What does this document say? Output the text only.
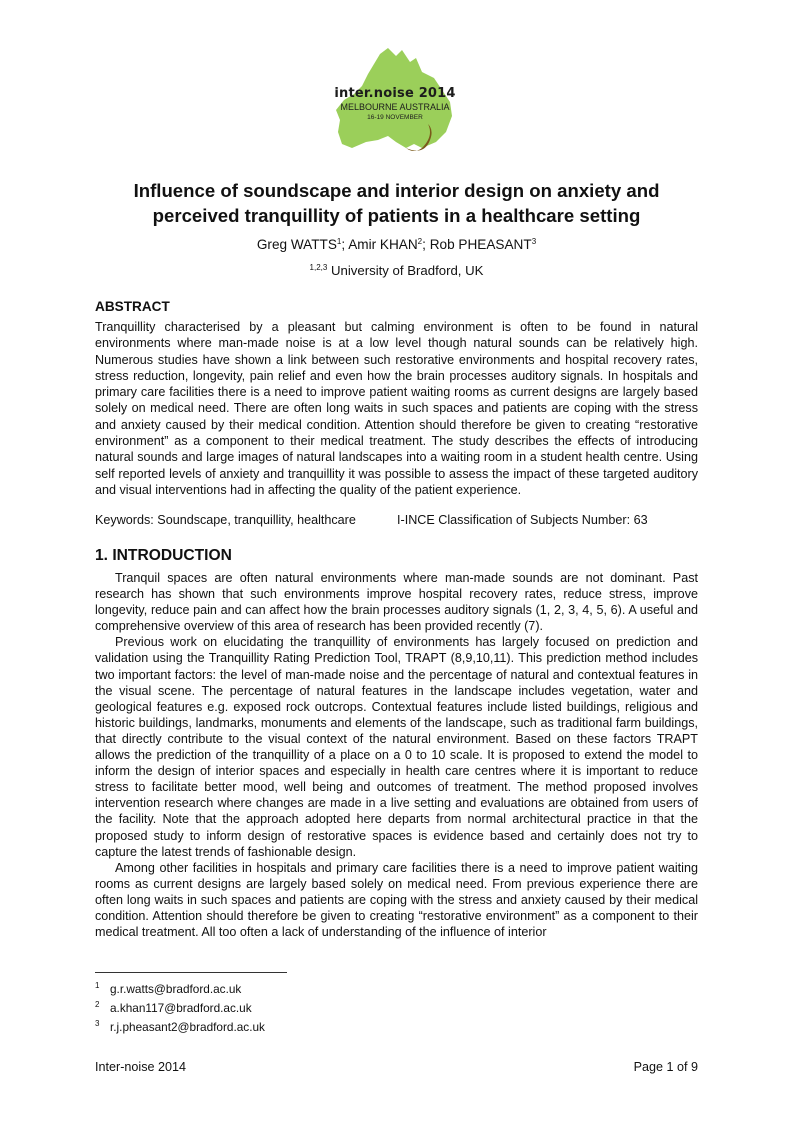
inter.noise 2014
MELBOURNE AUSTRALIA
16-19 NOVEMBER
Influence of soundscape and interior design on anxiety and
perceived tranquillity of patients in a healthcare setting
Greg WATTS$^1$; Amir KHAN$^2$; Rob PHEASANT$^3$
$^{1,2,3}$ University of Bradford, UK
ABSTRACT

Tranquillity characterised by a pleasant but calming environment is often to be found in natural environments where man-made noise is at a low level though natural sounds can be relatively high. Numerous studies have shown a link between such restorative environments and hospital recovery rates, stress reduction, longevity, pain relief and even how the brain processes auditory signals. In hospitals and primary care facilities there is a need to improve patient waiting rooms as current designs are largely based solely on medical need. There are often long waits in such spaces and patients are coping with the stress and anxiety caused by their medical condition. Attention should therefore be given to creating “restorative environment” as a component to their medical treatment. The study describes the effects of introducing natural sounds and large images of natural landscapes into a waiting room in a student health centre. Using self reported levels of anxiety and tranquillity it was possible to assess the impact of these targeted auditory and visual interventions had in affecting the quality of the patient experience.

Keywords: Soundscape, tranquillity, healthcare	I-INCE Classification of Subjects Number: 63
1. INTRODUCTION

Tranquil spaces are often natural environments where man-made sounds are not dominant. Past research has shown that such environments improve hospital recovery rates, reduce stress, improve longevity, reduce pain and can affect how the brain processes auditory signals (1, 2, 3, 4, 5, 6). A useful and comprehensive overview of this area of research has been provided recently (7).

Previous work on elucidating the tranquillity of environments has largely focused on prediction and validation using the Tranquillity Rating Prediction Tool, TRAPT (8,9,10,11). This prediction method includes two important factors: the level of man-made noise and the percentage of natural and contextual features in the visual scene. The percentage of natural features in the landscape includes vegetation, water and geological features e.g. exposed rock outcrops. Contextual features include listed buildings, religious and historic buildings, landmarks, monuments and elements of the landscape, such as traditional farm buildings, that directly contribute to the visual context of the natural environment. Based on these factors TRAPT allows the prediction of the tranquillity of a place on a 0 to 10 scale. It is proposed to extend the model to inform the design of interior spaces and especially in health care centres where it is important to reduce stress to facilitate better mood, well being and outcomes of treatment. The method proposed involves intervention research where changes are made in a live setting and evaluations are obtained from users of the facility. Note that the approach adopted here departs from normal architectural practice in that the proposed study to inform design of restorative spaces is evidence based and certainly does not try to capture the latest trends of fashionable design.

Among other facilities in hospitals and primary care facilities there is a need to improve patient waiting rooms as current designs are largely based solely on medical need. From previous experience there are often long waits in such spaces and patients are coping with the stress and anxiety caused by their medical condition. Attention should therefore be given to creating “restorative environment” as a component to their medical treatment. All too often a lack of understanding of the influence of interior

1 g.r.watts@bradford.ac.uk
2 a.khan117@bradford.ac.uk
3 r.j.pheasant2@bradford.ac.uk
Inter-noise 2014	Page 1 of 9
